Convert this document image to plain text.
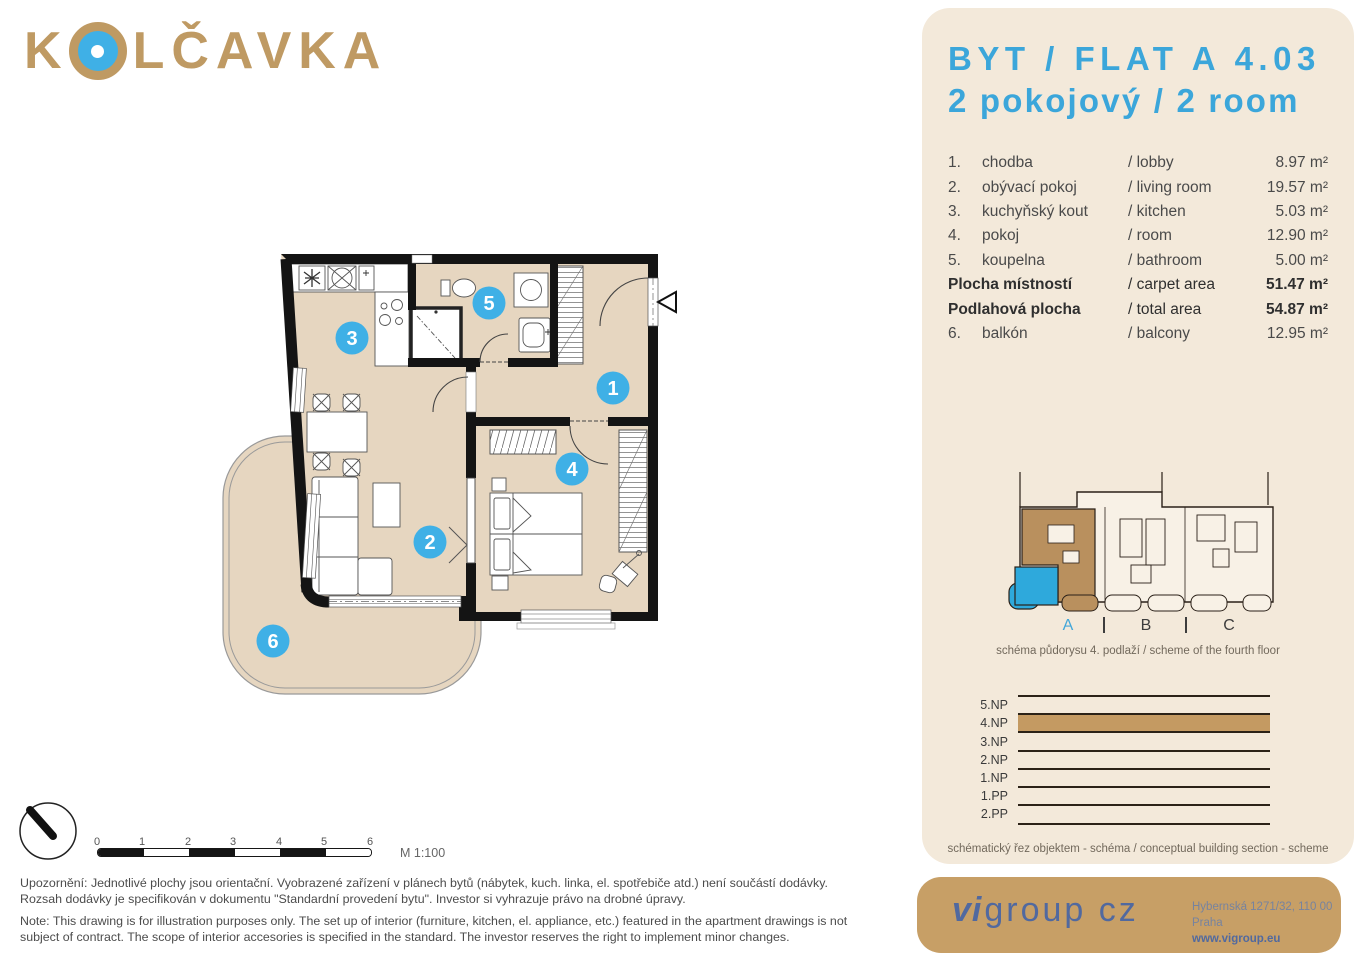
K LČAVKA
1
2
3
4
5
6
BYT / FLAT A 4.03
2 pokojový / 2 room
1.	chodba	/ lobby	8.97 m²
2.	obývací pokoj	/ living room	19.57 m²
3.	kuchyňský kout	/ kitchen	5.03 m²
4.	pokoj	/ room	12.90 m²
5.	koupelna	/ bathroom	5.00 m²
Plocha místností	/ carpet area	51.47 m²
Podlahová plocha	/ total area	54.87 m²
6.	balkón	/ balcony	12.95 m²
A	B	C
schéma půdorysu 4. podlaží / scheme of the fourth floor
5.NP
4.NP
3.NP
2.NP
1.NP
1.PP
2.PP
schématický řez objektem - schéma / conceptual building section - scheme
0	1	2	3	4	5	6
M 1:100

Upozornění: Jednotlivé plochy jsou orientační. Vyobrazené zařízení v plánech bytů (nábytek, kuch. linka, el. spotřebiče atd.) není součástí dodávky. Rozsah dodávky je specifikován v dokumentu "Standardní provedení bytu". Investor si vyhrazuje právo na drobné úpravy.

Note: This drawing is for illustration purposes only. The set up of interior (furniture, kitchen, el. appliance, etc.) featured in the apartment drawings is not subject of contract. The scope of interior accesories is specified in the standard. The investor reserves the right to implement minor changes.

vi group cz	Hybernská 1271/32, 110 00 Praha
www.vigroup.eu
